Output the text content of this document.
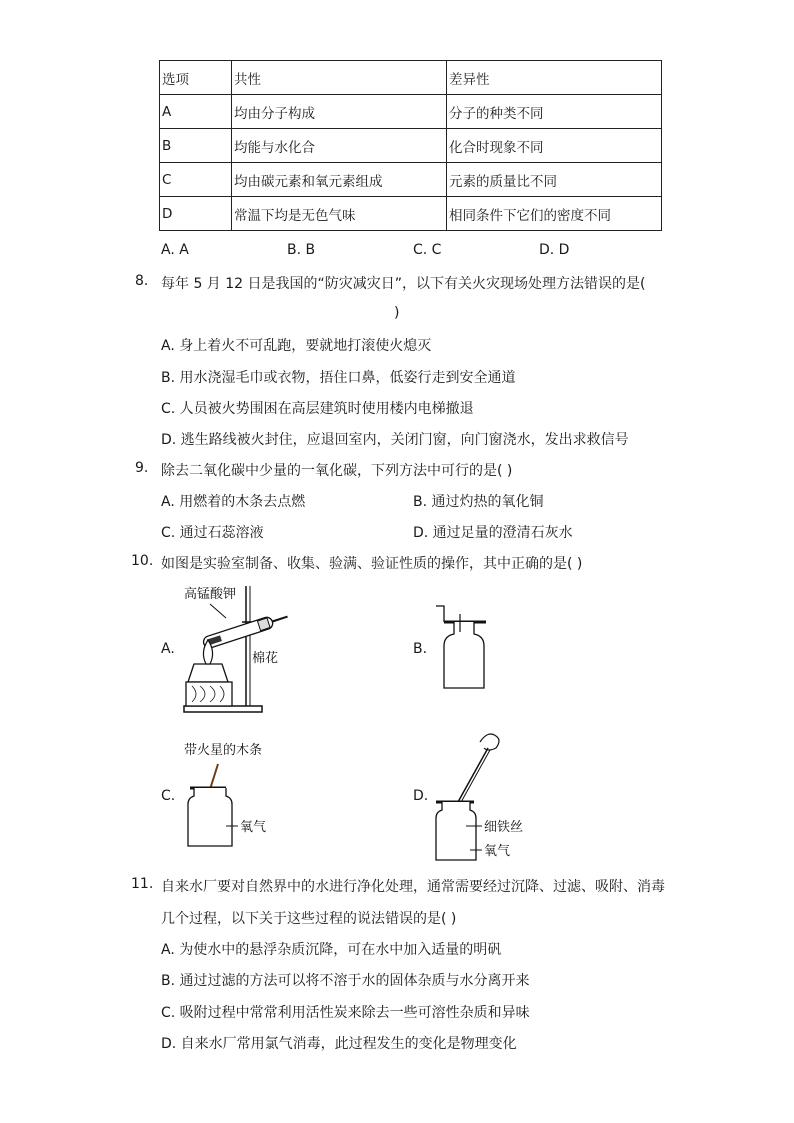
选项	共性	差异性
A	均由分子构成	分子的种类不同
B	均能与水化合	化合时现象不同
C	均由碳元素和氧元素组成	元素的质量比不同
D	常温下均是无色气味	相同条件下它们的密度不同
A. A	B. B	C. C	D. D
8. 每年 5 月 12 日是我国的“防灾减灾日”，以下有关火灾现场处理方法错误的是(
)
A. 身上着火不可乱跑，要就地打滚使火熄灭
B. 用水浇湿毛巾或衣物，捂住口鼻，低姿行走到安全通道
C. 人员被火势围困在高层建筑时使用楼内电梯撤退
D. 逃生路线被火封住，应退回室内，关闭门窗，向门窗浇水，发出求救信号
9. 除去二氧化碳中少量的一氧化碳，下列方法中可行的是( )
A. 用燃着的木条去点燃	B. 通过灼热的氧化铜
C. 通过石蕊溶液	D. 通过足量的澄清石灰水
10. 如图是实验室制备、收集、验满、验证性质的操作，其中正确的是( )
A.	B.
C.	D.
高锰酸钾
棉花
带火星的木条
氧气	细铁丝
氧气
11. 自来水厂要对自然界中的水进行净化处理，通常需要经过沉降、过滤、吸附、消毒
几个过程，以下关于这些过程的说法错误的是( )
A. 为使水中的悬浮杂质沉降，可在水中加入适量的明矾
B. 通过过滤的方法可以将不溶于水的固体杂质与水分离开来
C. 吸附过程中常常利用活性炭来除去一些可溶性杂质和异味
D. 自来水厂常用氯气消毒，此过程发生的变化是物理变化
